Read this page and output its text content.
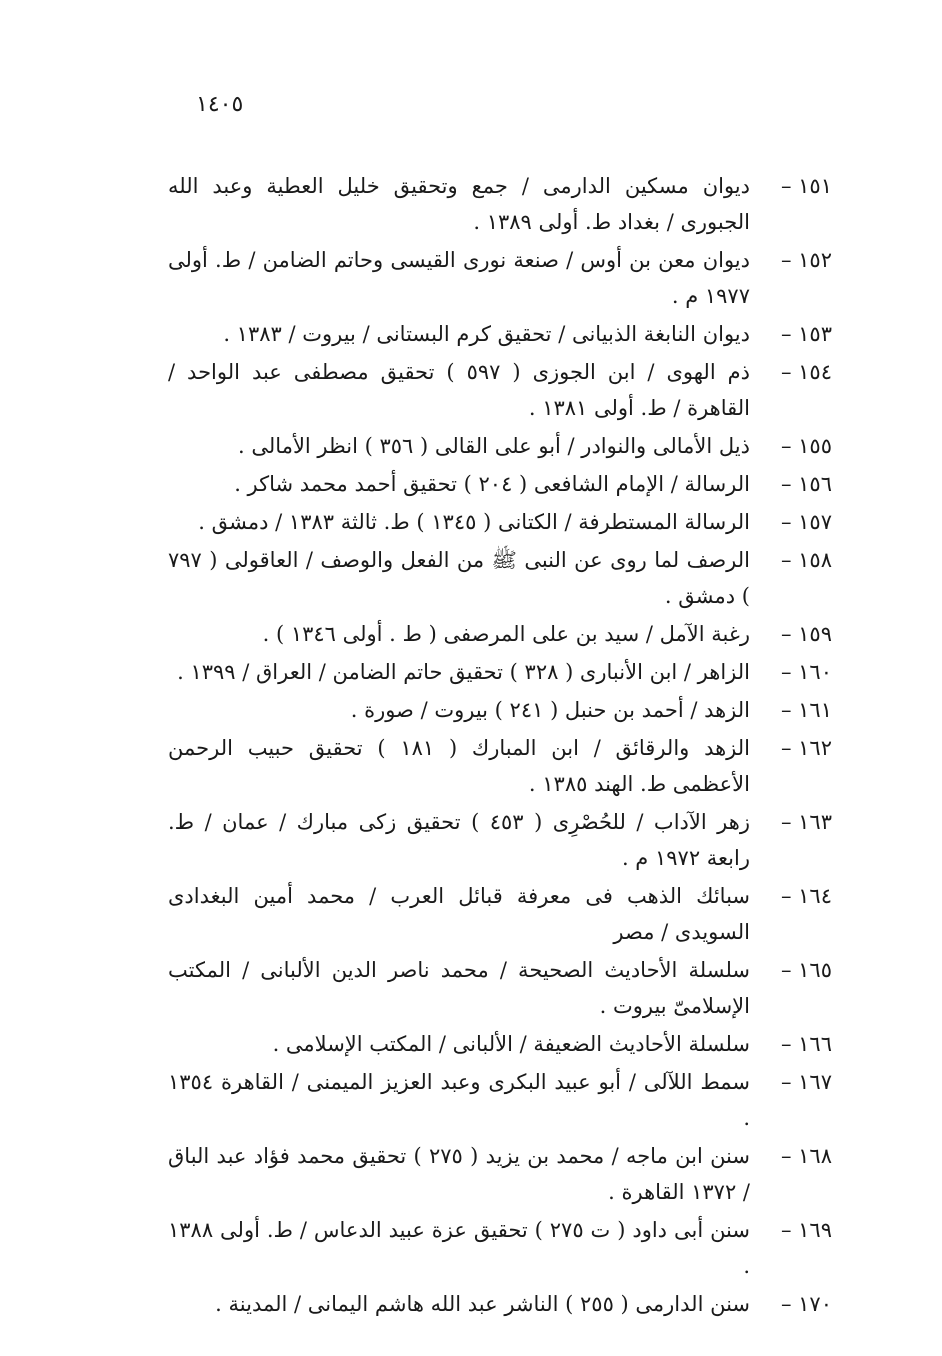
١٤٠٥
١٥١ –
ديوان مسكين الدارمى / جمع وتحقيق خليل العطية وعبد الله الجبورى / بغداد ط. أولى ١٣٨٩ .
١٥٢ –
ديوان معن بن أوس / صنعة نورى القيسى وحاتم الضامن / ط. أولى ١٩٧٧ م .
١٥٣ –
ديوان النابغة الذبيانى / تحقيق كرم البستانى / بيروت / ١٣٨٣ .
١٥٤ –
ذم الهوى / ابن الجوزى ( ٥٩٧ ) تحقيق مصطفى عبد الواحد / القاهرة / ط. أولى ١٣٨١ .
١٥٥ –
ذيل الأمالى والنوادر / أبو على القالى ( ٣٥٦ ) انظر الأمالى .
١٥٦ –
الرسالة / الإمام الشافعى ( ٢٠٤ ) تحقيق أحمد محمد شاكر .
١٥٧ –
الرسالة المستطرفة / الكتانى ( ١٣٤٥ ) ط. ثالثة ١٣٨٣ / دمشق .
١٥٨ –
الرصف لما روى عن النبى ﷺ من الفعل والوصف / العاقولى ( ٧٩٧ ) دمشق .
١٥٩ –
رغبة الآمل / سيد بن على المرصفى ( ط . أولى ١٣٤٦ ) .
١٦٠ –
الزاهر / ابن الأنبارى ( ٣٢٨ ) تحقيق حاتم الضامن / العراق / ١٣٩٩ .
١٦١ –
الزهد / أحمد بن حنبل ( ٢٤١ ) بيروت / صورة .
١٦٢ –
الزهد والرقائق / ابن المبارك ( ١٨١ ) تحقيق حبيب الرحمن الأعظمى ط. الهند ١٣٨٥ .
١٦٣ –
زهر الآداب / للحُصْرِى ( ٤٥٣ ) تحقيق زكى مبارك / عمان / ط. رابعة ١٩٧٢ م .
١٦٤ –
سبائك الذهب فى معرفة قبائل العرب / محمد أمين البغدادى السويدى / مصر
١٦٥ –
سلسلة الأحاديث الصحيحة / محمد ناصر الدين الألبانى / المكتب الإسلامىّ بيروت .
١٦٦ –
سلسلة الأحاديث الضعيفة / الألبانى / المكتب الإسلامى .
١٦٧ –
سمط اللآلى / أبو عبيد البكرى وعبد العزيز الميمنى / القاهرة ١٣٥٤ .
١٦٨ –
سنن ابن ماجه / محمد بن يزيد ( ٢٧٥ ) تحقيق محمد فؤاد عبد الباق / ١٣٧٢ القاهرة .
١٦٩ –
سنن أبى داود ( ت ٢٧٥ ) تحقيق عزة عبيد الدعاس / ط. أولى ١٣٨٨ .
١٧٠ –
سنن الدارمى ( ٢٥٥ ) الناشر عبد الله هاشم اليمانى / المدينة .
